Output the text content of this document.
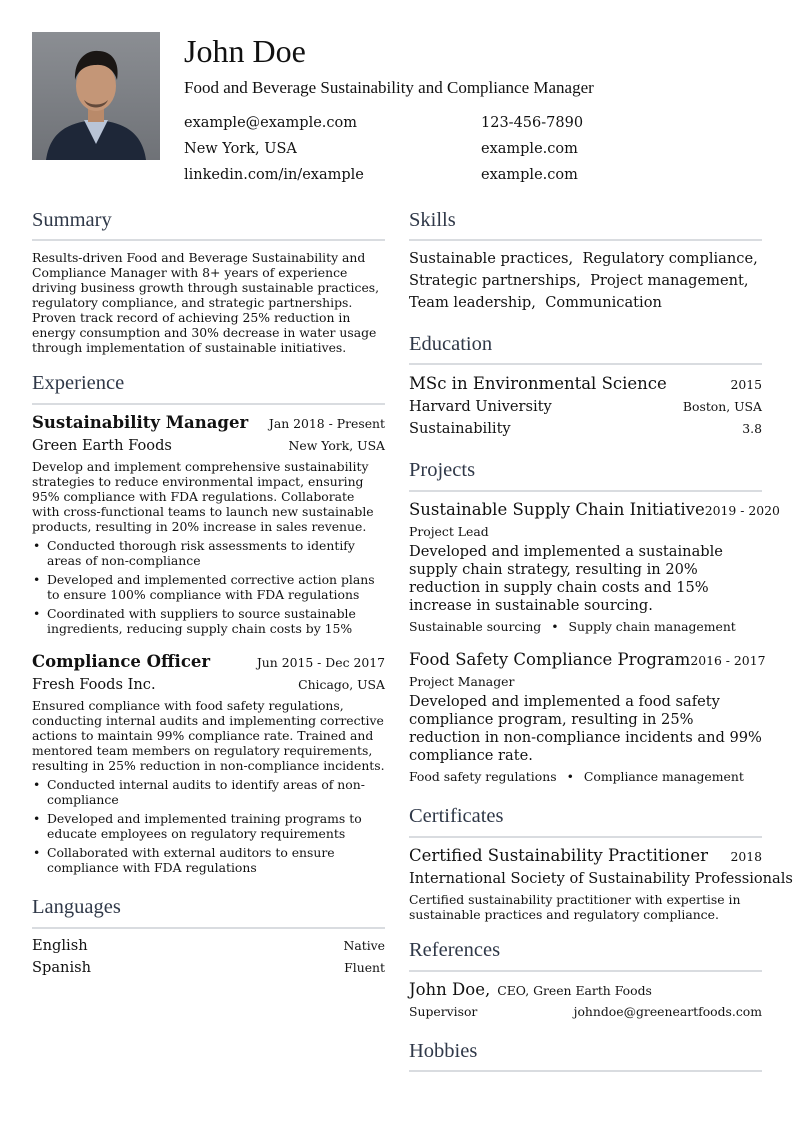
John Doe
Food and Beverage Sustainability and Compliance Manager
example@example.com	123-456-7890
New York, USA	example.com
linkedin.com/in/example	example.com
Summary
Results-driven Food and Beverage Sustainability and Compliance Manager with 8+ years of experience driving business growth through sustainable practices, regulatory compliance, and strategic partnerships. Proven track record of achieving 25% reduction in energy consumption and 30% decrease in water usage through implementation of sustainable initiatives.
Experience
Sustainability Manager Jan 2018 - Present
Green Earth Foods	New York, USA
Develop and implement comprehensive sustainability strategies to reduce environmental impact, ensuring 95% compliance with FDA regulations. Collaborate with cross-functional teams to launch new sustainable products, resulting in 20% increase in sales revenue.
• Conducted thorough risk assessments to identify areas of non-compliance
• Developed and implemented corrective action plans to ensure 100% compliance with FDA regulations
• Coordinated with suppliers to source sustainable ingredients, reducing supply chain costs by 15%
Compliance Officer	Jun 2015 - Dec 2017
Fresh Foods Inc.	Chicago, USA
Ensured compliance with food safety regulations, conducting internal audits and implementing corrective actions to maintain 99% compliance rate. Trained and mentored team members on regulatory requirements, resulting in 25% reduction in non-compliance incidents.
• Conducted internal audits to identify areas of non-compliance
• Developed and implemented training programs to educate employees on regulatory requirements
• Collaborated with external auditors to ensure compliance with FDA regulations
Languages
English	Native
Spanish	Fluent
Skills
Sustainable practices, Regulatory compliance,
Strategic partnerships, Project management,
Team leadership, Communication
Education
MSc in Environmental Science	2015
Harvard University	Boston, USA
Sustainability	3.8
Projects
Sustainable Supply Chain Initiative 2019 - 2020
Project Lead
Developed and implemented a sustainable supply chain strategy, resulting in 20% reduction in supply chain costs and 15% increase in sustainable sourcing.
Sustainable sourcing • Supply chain management
Food Safety Compliance Program 2016 - 2017
Project Manager
Developed and implemented a food safety compliance program, resulting in 25% reduction in non-compliance incidents and 99% compliance rate.
Food safety regulations • Compliance management
Certificates
Certified Sustainability Practitioner 2018
International Society of Sustainability Professionals
Certified sustainability practitioner with expertise in sustainable practices and regulatory compliance.
References
John Doe, CEO, Green Earth Foods
Supervisor	johndoe@greeneartfoods.com
Hobbies
